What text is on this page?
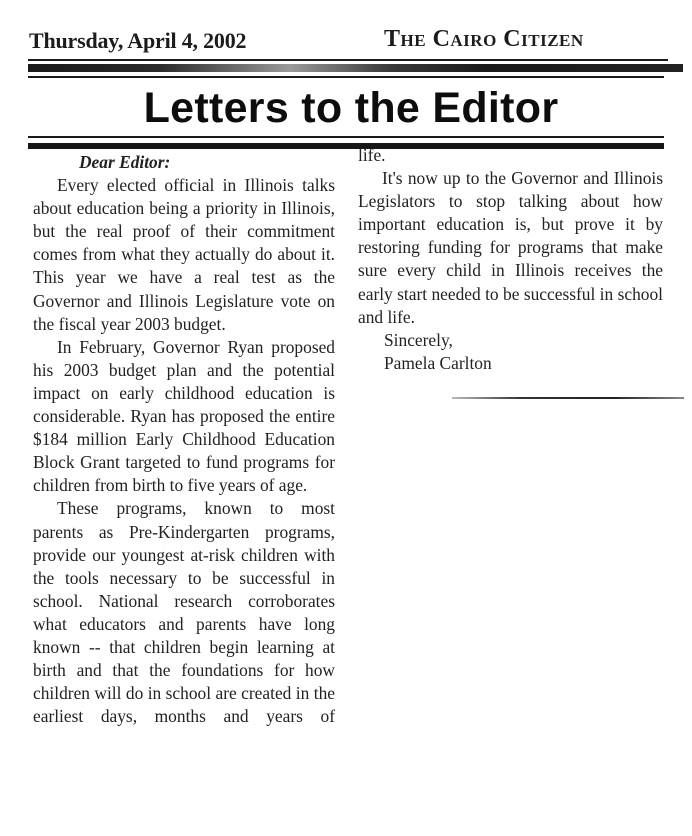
Thursday, April 4, 2002	The Cairo Citizen
Letters to the Editor

Dear Editor:

Every elected official in Illinois talks about education being a priority in Illinois, but the real proof of their commitment comes from what they actually do about it. This year we have a real test as the Governor and Illinois Legislature vote on the fiscal year 2003 budget.

In February, Governor Ryan proposed his 2003 budget plan and the potential impact on early childhood education is considerable. Ryan has proposed the entire $184 million Early Childhood Education Block Grant targeted to fund programs for children from birth to five years of age.

These programs, known to most parents as Pre-Kindergarten programs, provide our youngest at-risk children with the tools necessary to be successful in school. National research corroborates what educators and parents have long known -- that children begin learning at birth and that the foundations for how children will do in school are created in the earliest days, months and years of

life.

It's now up to the Governor and Illinois Legislators to stop talking about how important education is, but prove it by restoring funding for programs that make sure every child in Illinois receives the early start needed to be successful in school and life.

Sincerely,

Pamela Carlton
